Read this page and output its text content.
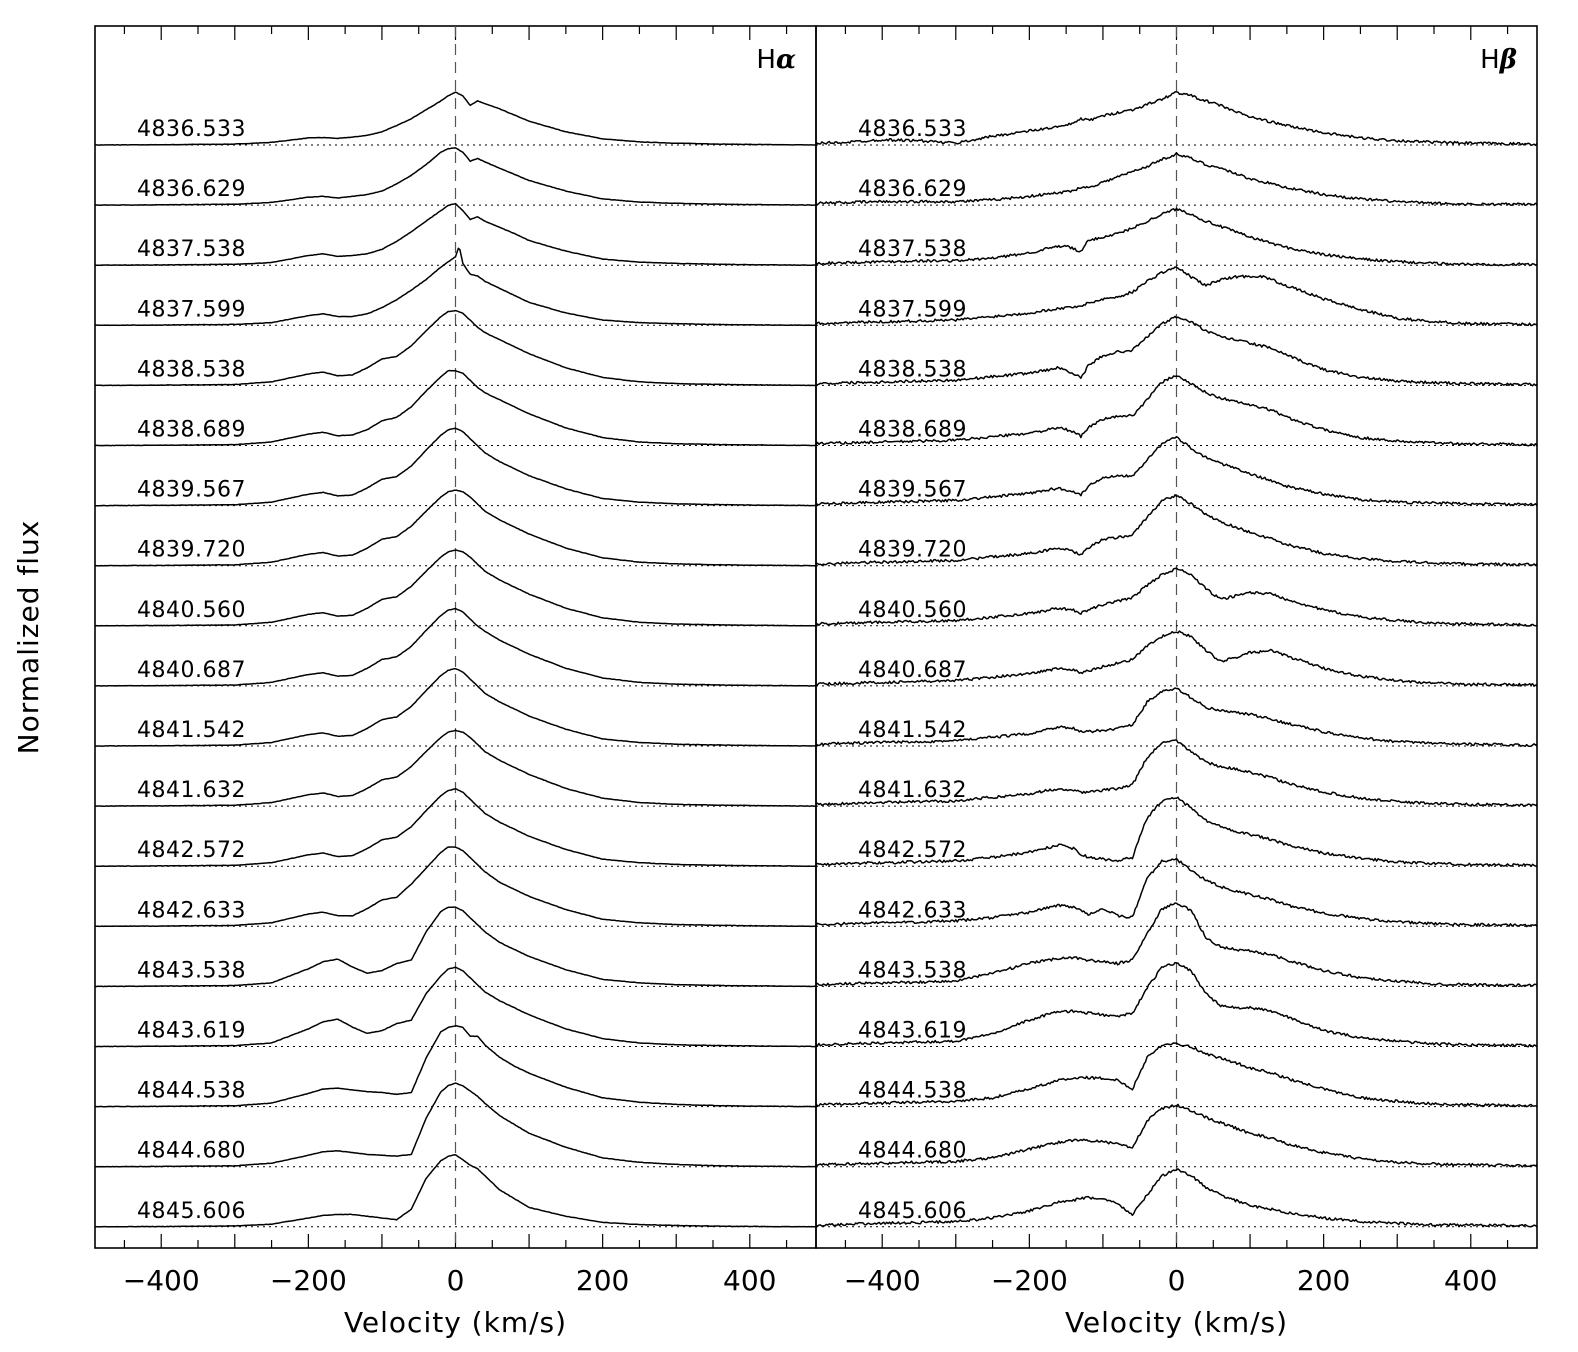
−400	−200	0	200	400
Velocity (km/s)
Hα
4836.533
4836.629
4837.538
4837.599
4838.538
4838.689
4839.567
4839.720
4840.560
4840.687
4841.542
4841.632
4842.572
4842.633
4843.538
4843.619
4844.538
4844.680
4845.606
−400	−200	0	200	400
Velocity (km/s)
Hβ
4836.533
4836.629
4837.538
4837.599
4838.538
4838.689
4839.567
4839.720
4840.560
4840.687
4841.542
4841.632
4842.572
4842.633
4843.538
4843.619
4844.538
4844.680
4845.606
Normalized flux
